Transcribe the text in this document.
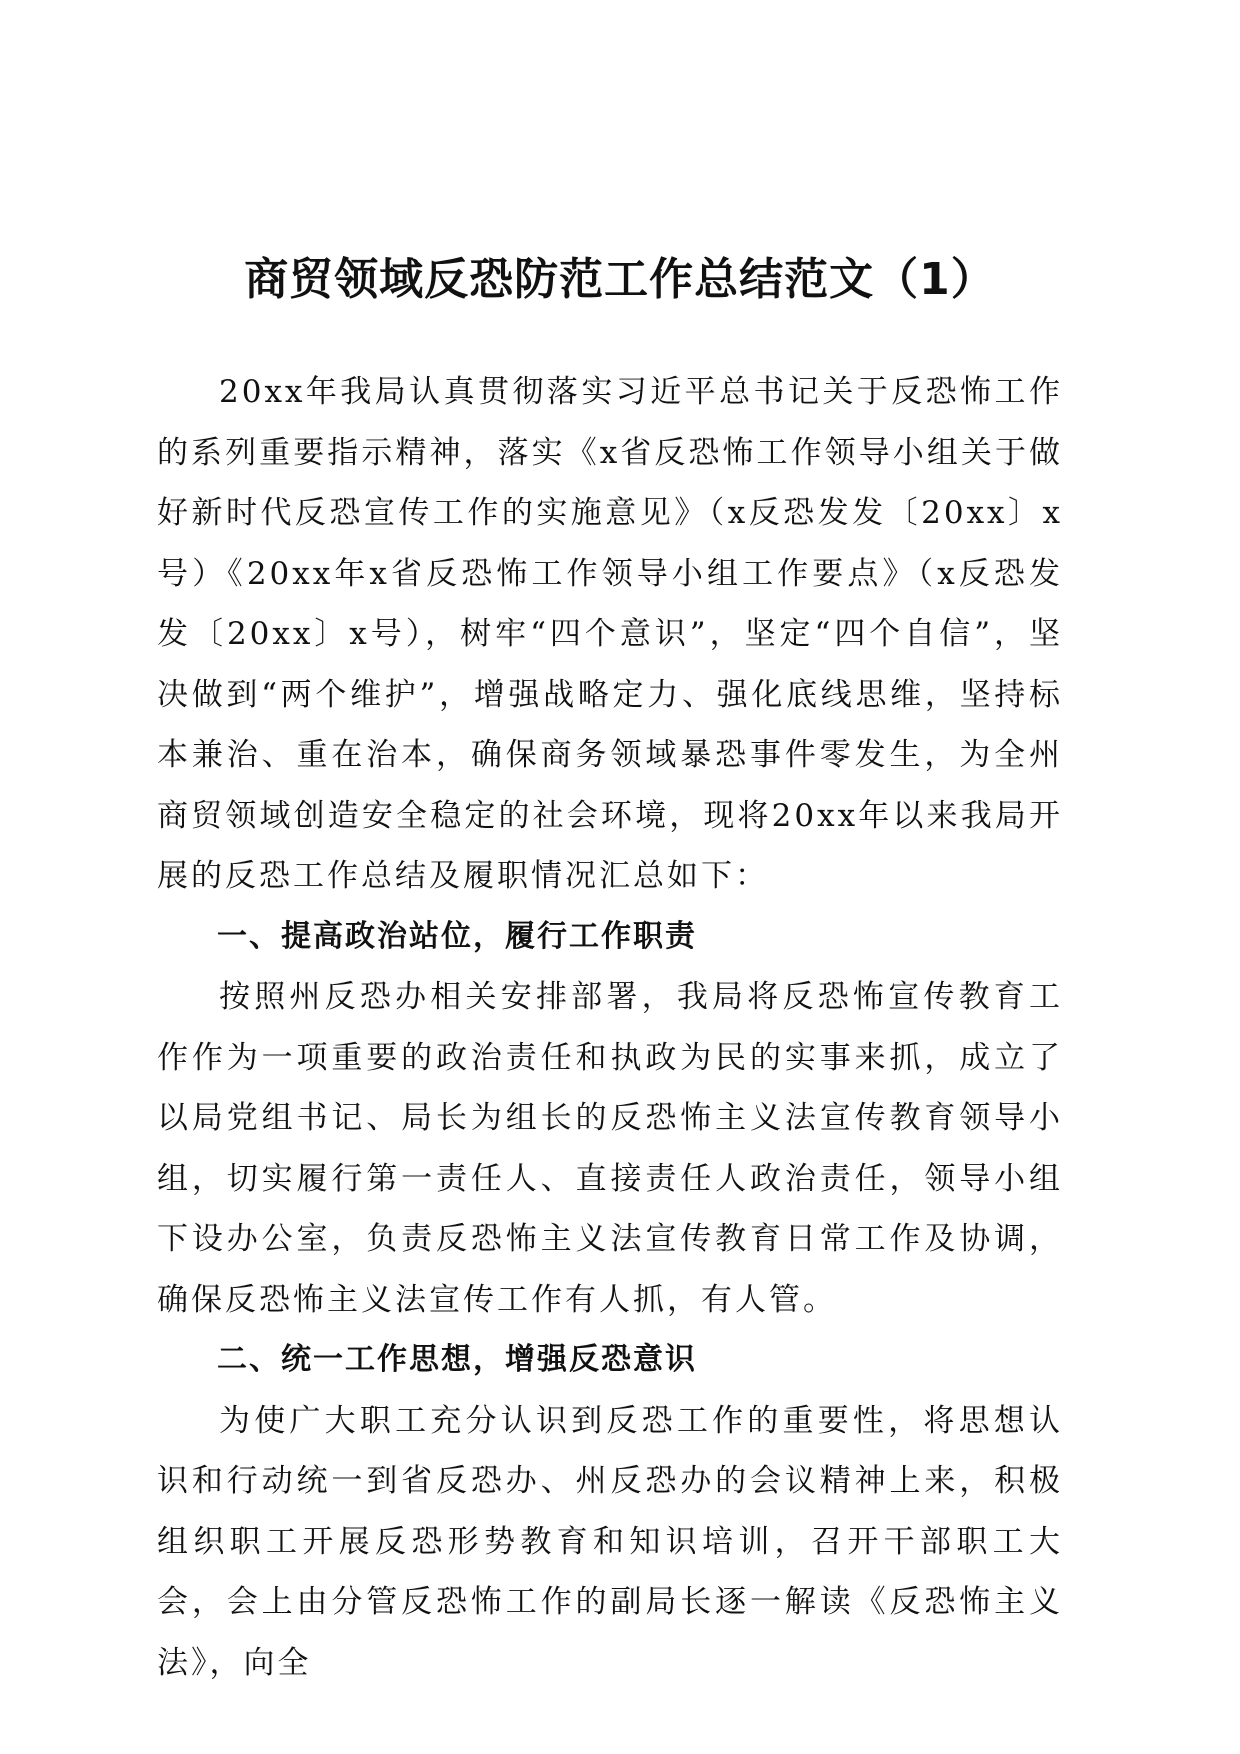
商贸领域反恐防范工作总结范文（1）

20xx年我局认真贯彻落实习近平总书记关于反恐怖工作的系列重要指示精神，落实《x省反恐怖工作领导小组关于做好新时代反恐宣传工作的实施意见》（x反恐发发〔20xx〕x号）《20xx年x省反恐怖工作领导小组工作要点》（x反恐发发〔20xx〕x号），树牢“四个意识”，坚定“四个自信”，坚决做到“两个维护”，增强战略定力、强化底线思维，坚持标本兼治、重在治本，确保商务领域暴恐事件零发生，为全州商贸领域创造安全稳定的社会环境，现将20xx年以来我局开展的反恐工作总结及履职情况汇总如下：

一、提高政治站位，履行工作职责

按照州反恐办相关安排部署，我局将反恐怖宣传教育工作作为一项重要的政治责任和执政为民的实事来抓，成立了以局党组书记、局长为组长的反恐怖主义法宣传教育领导小组，切实履行第一责任人、直接责任人政治责任，领导小组下设办公室，负责反恐怖主义法宣传教育日常工作及协调，确保反恐怖主义法宣传工作有人抓，有人管。

二、统一工作思想，增强反恐意识

为使广大职工充分认识到反恐工作的重要性，将思想认识和行动统一到省反恐办、州反恐办的会议精神上来，积极组织职工开展反恐形势教育和知识培训，召开干部职工大会，会上由分管反恐怖工作的副局长逐一解读《反恐怖主义法》，向全
